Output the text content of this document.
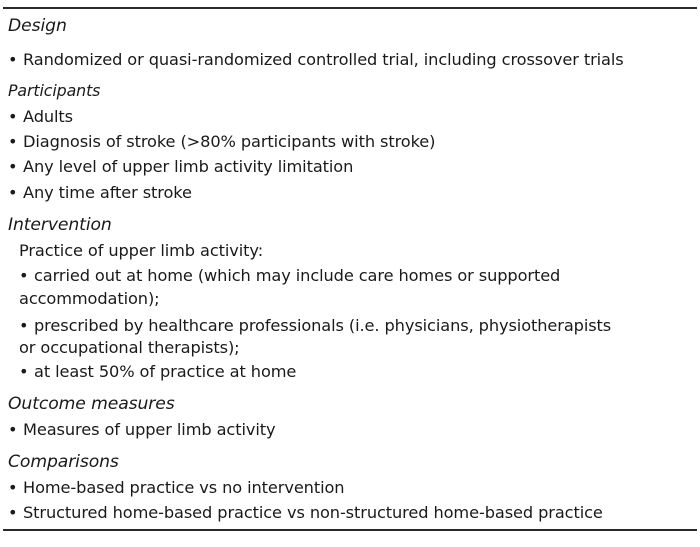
Design
• Randomized or quasi-randomized controlled trial, including crossover trials
Participants
• Adults
• Diagnosis of stroke (>80% participants with stroke)
• Any level of upper limb activity limitation
• Any time after stroke
Intervention
Practice of upper limb activity:
• carried out at home (which may include care homes or supported
accommodation);
• prescribed by healthcare professionals (i.e. physicians, physiotherapists
or occupational therapists);
• at least 50% of practice at home
Outcome measures
• Measures of upper limb activity
Comparisons
• Home-based practice vs no intervention
• Structured home-based practice vs non-structured home-based practice
